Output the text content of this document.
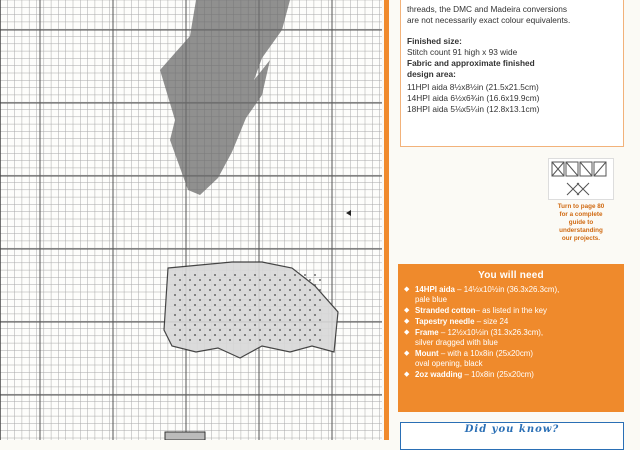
threads, the DMC and Madeira conversions
are not necessarily exact colour equivalents.
Finished size:
Stitch count 91 high x 93 wide
Fabric and approximate finished
design area:
11HPI aida 8½x8½in (21.5x21.5cm)
14HPI aida 6½x6¾in (16.6x19.9cm)
18HPI aida 5⅛x5¼in (12.8x13.1cm)
Turn to page 80
for a complete
guide to
understanding
our projects.
You will need
◆ 14HPI aida – 14½x10½in (36.3x26.3cm),
pale blue
◆ Stranded cotton– as listed in the key
◆ Tapestry needle – size 24
◆ Frame – 12½x10½in (31.3x26.3cm),
silver dragged with blue
◆ Mount – with a 10x8in (25x20cm)
oval opening, black
◆ 2oz wadding – 10x8in (25x20cm)
Did you know?
